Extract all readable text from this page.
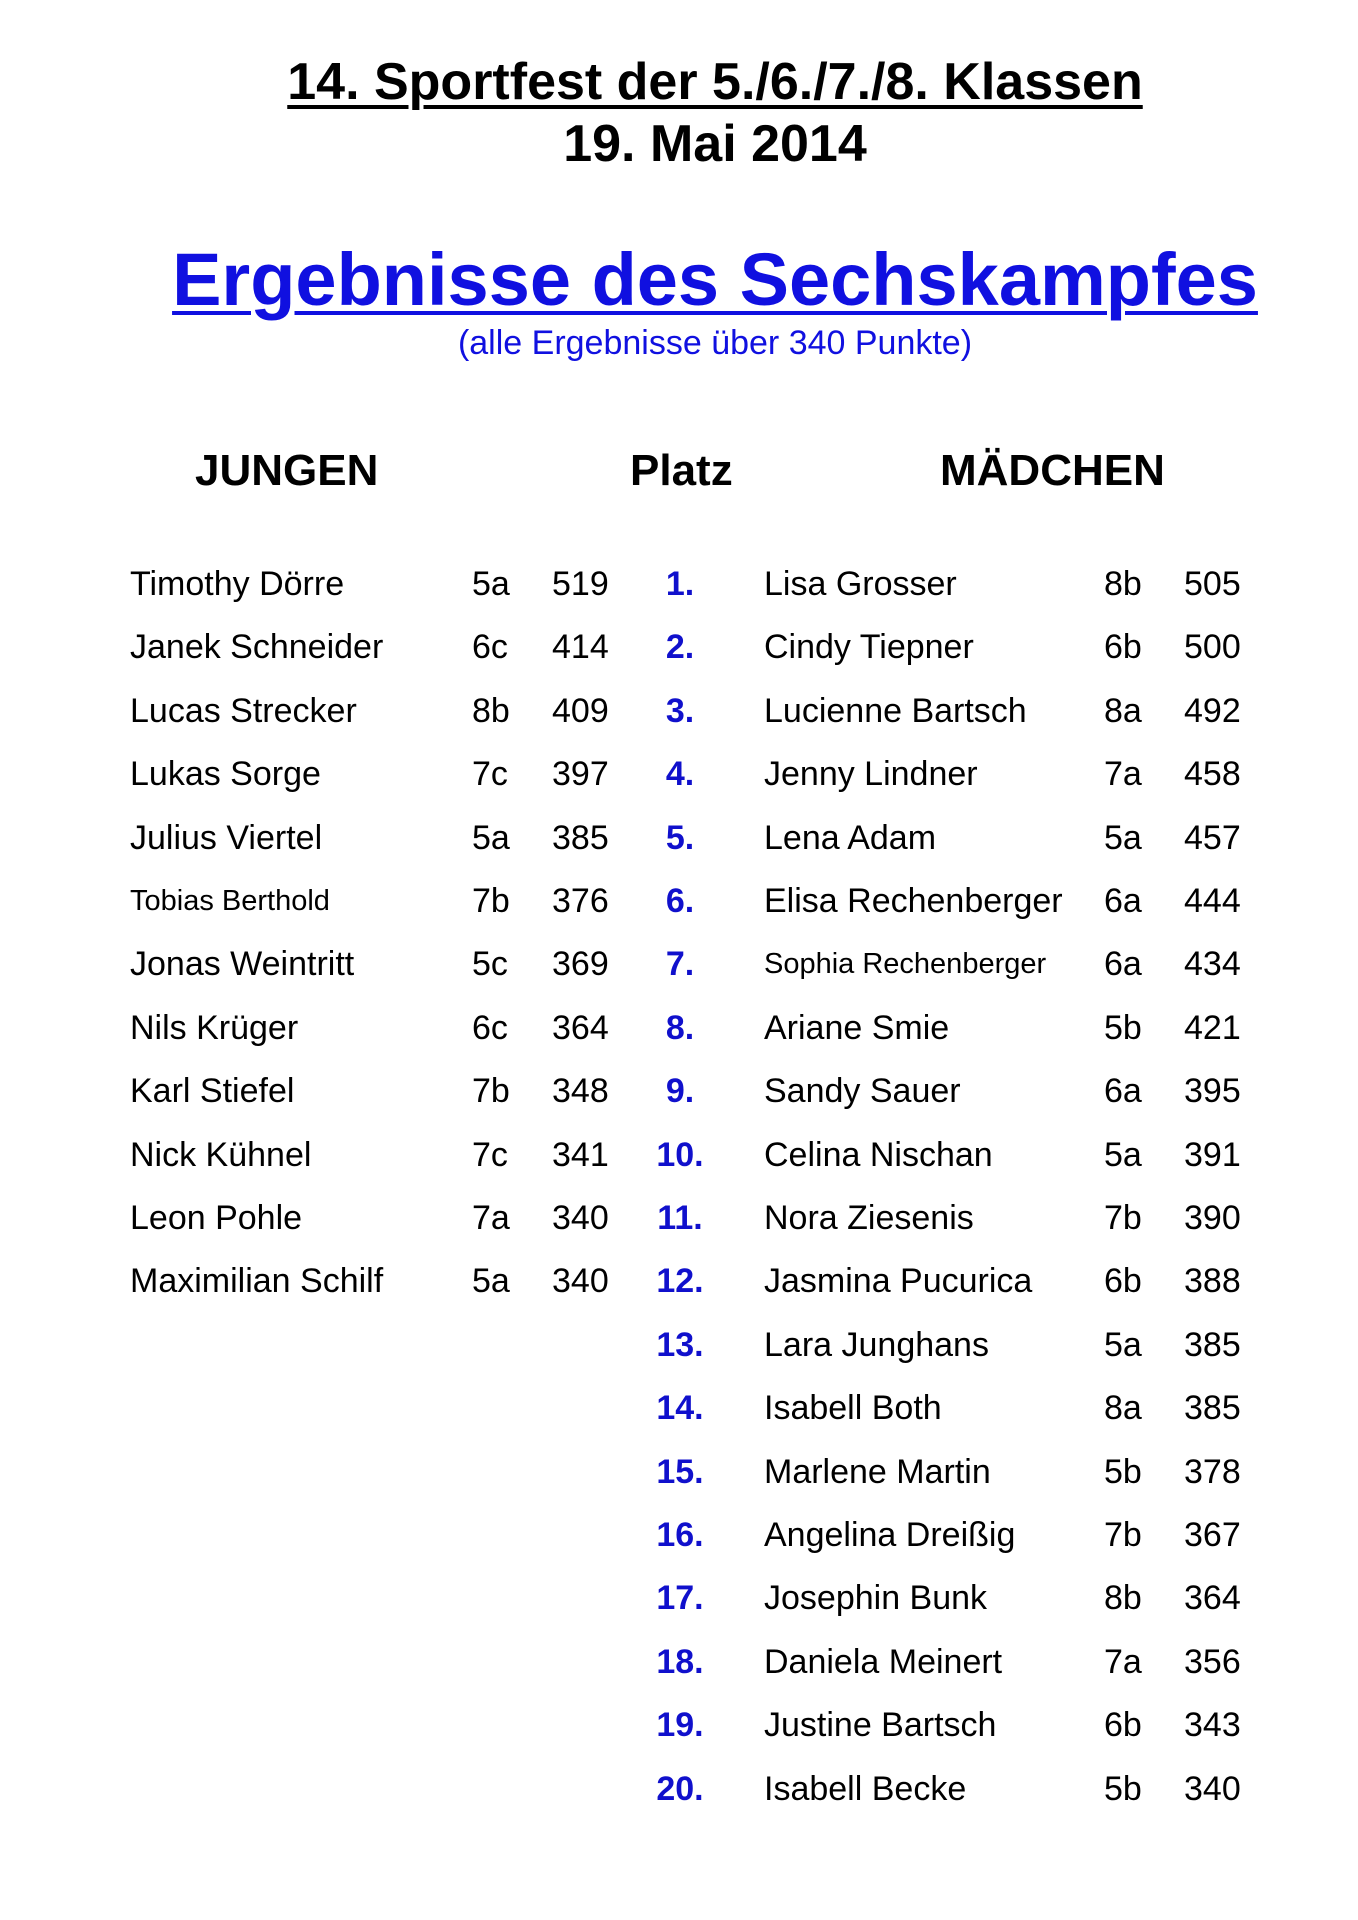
14. Sportfest der 5./6./7./8. Klassen
19. Mai 2014
Ergebnisse des Sechskampfes
(alle Ergebnisse über 340 Punkte)
JUNGEN	Platz	MÄDCHEN
Timothy Dörre	5a 519	1.	Lisa Grosser	8b 505
Janek Schneider	6c 414	2.	Cindy Tiepner	6b 500
Lucas Strecker	8b 409	3.	Lucienne Bartsch 8a 492
Lukas Sorge	7c 397	4.	Jenny Lindner	7a 458
Julius Viertel	5a 385	5.	Lena Adam	5a 457
Tobias Berthold	7b 376	6.	Elisa Rechenberger 6a 444
Jonas Weintritt	5c 369	7.	Sophia Rechenberger 6a 434
Nils Krüger	6c 364	8.	Ariane Smie	5b 421
Karl Stiefel	7b 348	9.	Sandy Sauer	6a 395
Nick Kühnel	7c 341	10.	Celina Nischan	5a 391
Leon Pohle	7a 340	11.	Nora Ziesenis	7b 390
Maximilian Schilf	5a 340	12.	Jasmina Pucurica 6b 388
13.	Lara Junghans	5a 385
14.	Isabell Both	8a 385
15.	Marlene Martin	5b 378
16.	Angelina Dreißig	7b 367
17.	Josephin Bunk	8b 364
18.	Daniela Meinert	7a 356
19.	Justine Bartsch	6b 343
20.	Isabell Becke	5b 340
